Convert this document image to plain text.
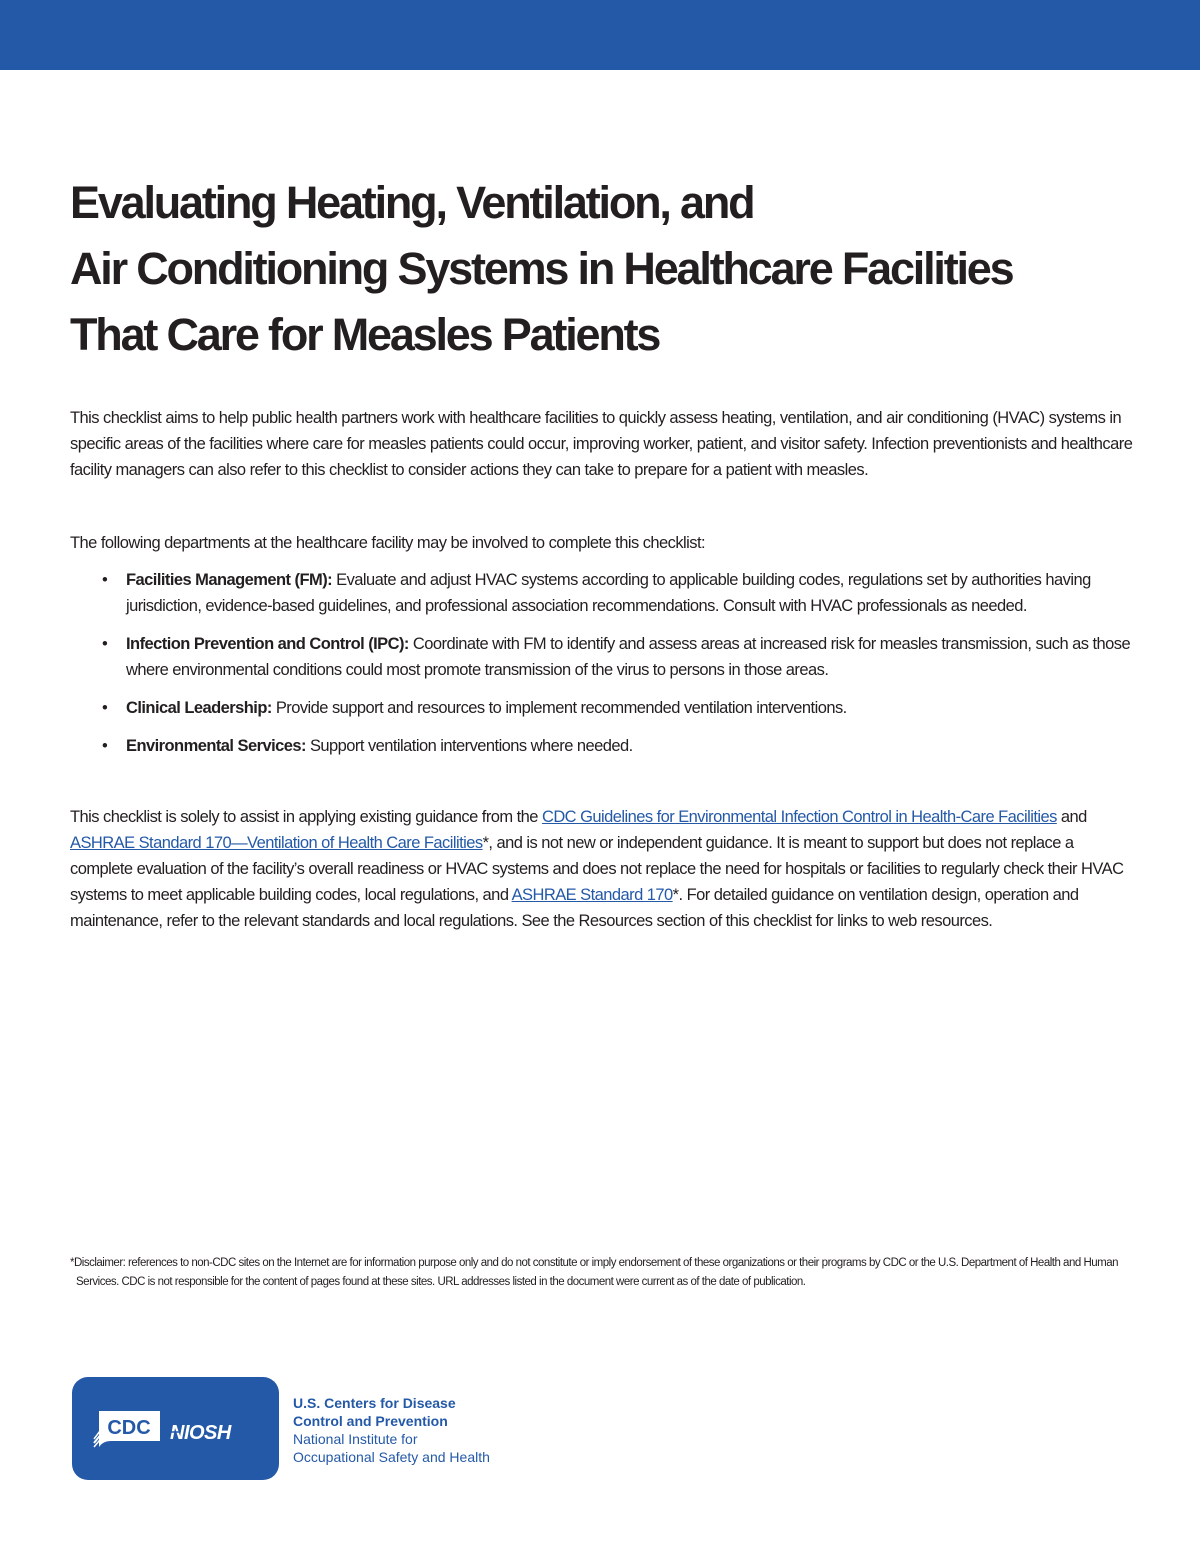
Evaluating Heating, Ventilation, and
Air Conditioning Systems in Healthcare Facilities
That Care for Measles Patients

This checklist aims to help public health partners work with healthcare facilities to quickly assess heating, ventilation, and air conditioning (HVAC) systems in specific areas of the facilities where care for measles patients could occur, improving worker, patient, and visitor safety. Infection preventionists and healthcare facility managers can also refer to this checklist to consider actions they can take to prepare for a patient with measles.

The following departments at the healthcare facility may be involved to complete this checklist:

• Facilities Management (FM): Evaluate and adjust HVAC systems according to applicable building codes, regulations set by authorities having jurisdiction, evidence-based guidelines, and professional association recommendations. Consult with HVAC professionals as needed.
• Infection Prevention and Control (IPC): Coordinate with FM to identify and assess areas at increased risk for measles transmission, such as those where environmental conditions could most promote transmission of the virus to persons in those areas.
• Clinical Leadership: Provide support and resources to implement recommended ventilation interventions.
• Environmental Services: Support ventilation interventions where needed.

This checklist is solely to assist in applying existing guidance from the CDC Guidelines for Environmental Infection Control in Health-Care Facilities and ASHRAE Standard 170—Ventilation of Health Care Facilities*, and is not new or independent guidance. It is meant to support but does not replace a complete evaluation of the facility’s overall readiness or HVAC systems and does not replace the need for hospitals or facilities to regularly check their HVAC systems to meet applicable building codes, local regulations, and ASHRAE Standard 170*. For detailed guidance on ventilation design, operation and maintenance, refer to the relevant standards and local regulations. See the Resources section of this checklist for links to web resources.

*Disclaimer: references to non-CDC sites on the Internet are for information purpose only and do not constitute or imply endorsement of these organizations or their programs by CDC or the U.S. Department of Health and Human Services. CDC is not responsible for the content of pages found at these sites. URL addresses listed in the document were current as of the date of publication.

CDC NIOSH
U.S. Centers for Disease
Control and Prevention
National Institute for
Occupational Safety and Health
